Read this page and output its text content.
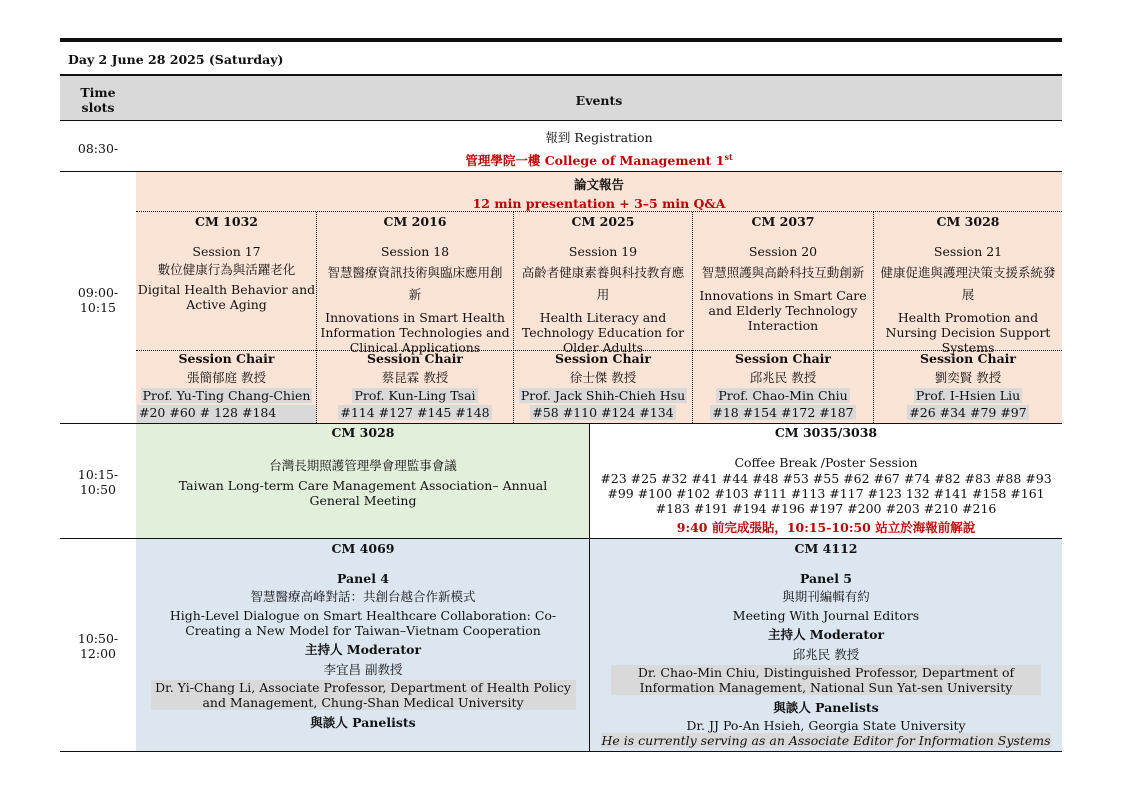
Day 2 June 28 2025 (Saturday)
Time slots	Events
08:30-
報到 Registration
管理學院一樓 College of Management 1st
09:00- 10:15
論文報告
12 min presentation + 3–5 min Q&A
CM 1032
Session 17
數位健康行為與活躍老化
Digital Health Behavior and Active Aging
CM 2016
Session 18
智慧醫療資訊技術與臨床應用創新
Innovations in Smart Health Information Technologies and Clinical Applications
CM 2025
Session 19
高齡者健康素養與科技教育應用
Health Literacy and Technology Education for Older Adults
CM 2037
Session 20
智慧照護與高齡科技互動創新
Innovations in Smart Care and Elderly Technology Interaction
CM 3028
Session 21
健康促進與護理決策支援系統發展
Health Promotion and Nursing Decision Support Systems
Session Chair
張簡郁庭 教授
Prof. Yu-Ting Chang-Chien
#20 #60 # 128 #184
Session Chair
蔡昆霖 教授
Prof. Kun-Ling Tsai
#114 #127 #145 #148
Session Chair
徐士傑 教授
Prof. Jack Shih-Chieh Hsu
#58 #110 #124 #134
Session Chair
邱兆民 教授
Prof. Chao-Min Chiu
#18 #154 #172 #187
Session Chair
劉奕賢 教授
Prof. I-Hsien Liu
#26 #34 #79 #97
10:15- 10:50
CM 3028
台灣長期照護管理學會理監事會議
Taiwan Long-term Care Management Association– Annual General Meeting
CM 3035/3038
Coffee Break /Poster Session
#23 #25 #32 #41 #44 #48 #53 #55 #62 #67 #74 #82 #83 #88 #93 #99 #100 #102 #103 #111 #113 #117 #123 132 #141 #158 #161 #183 #191 #194 #196 #197 #200 #203 #210 #216
9:40 前完成張貼，10:15-10:50 站立於海報前解說
10:50- 12:00
CM 4069
Panel 4
智慧醫療高峰對話：共創台越合作新模式
High-Level Dialogue on Smart Healthcare Collaboration: Co-Creating a New Model for Taiwan–Vietnam Cooperation
主持人 Moderator
李宜昌 副教授
Dr. Yi-Chang Li, Associate Professor, Department of Health Policy and Management, Chung-Shan Medical University
與談人 Panelists
CM 4112
Panel 5
與期刊編輯有約
Meeting With Journal Editors
主持人 Moderator
邱兆民 教授
Dr. Chao-Min Chiu, Distinguished Professor, Department of Information Management, National Sun Yat-sen University
與談人 Panelists
Dr. JJ Po-An Hsieh, Georgia State University
He is currently serving as an Associate Editor for Information Systems
